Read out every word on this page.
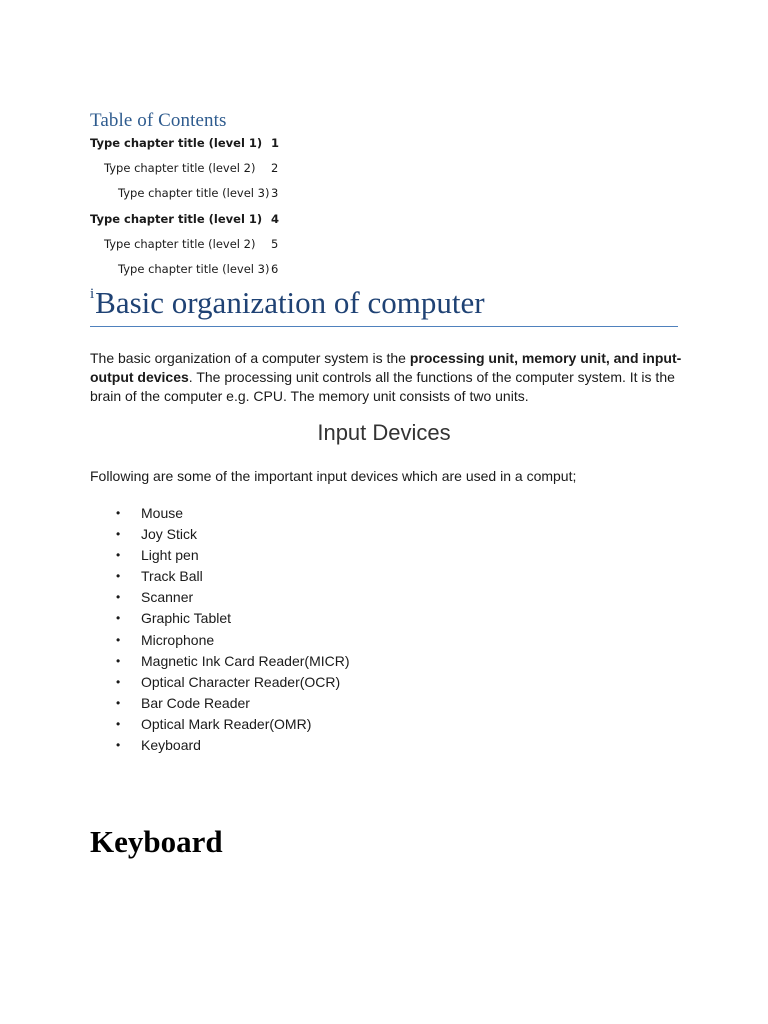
Table of Contents
Type chapter title (level 1) 1
Type chapter title (level 2) 2
Type chapter title (level 3) 3
Type chapter title (level 1) 4
Type chapter title (level 2) 5
Type chapter title (level 3) 6
$^i$Basic organization of computer

The basic organization of a computer system is the processing unit, memory unit, and input-output devices. The processing unit controls all the functions of the computer system. It is the brain of the computer e.g. CPU. The memory unit consists of two units.

Input Devices

Following are some of the important input devices which are used in a comput;

• Mouse
• Joy Stick
• Light pen
• Track Ball
• Scanner
• Graphic Tablet
• Microphone
• Magnetic Ink Card Reader(MICR)
• Optical Character Reader(OCR)
• Bar Code Reader
• Optical Mark Reader(OMR)
• Keyboard
Keyboard
